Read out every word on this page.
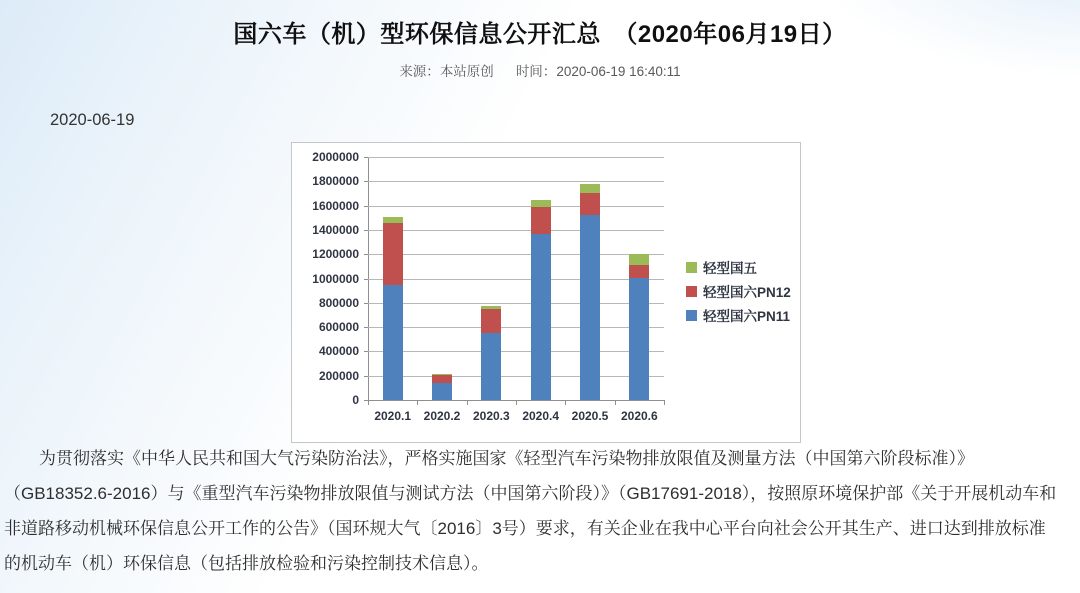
国六车（机）型环保信息公开汇总　（2020年06月19日）
来源：本站原创 时间：2020-06-19 16:40:11
2020-06-19
轻型国五
轻型国六PN12
轻型国六PN11
0
200000
400000
600000
800000
1000000
1200000
1400000
1600000
1800000
2000000
2020.1	2020.2	2020.3	2020.4	2020.5	2020.6

为贯彻落实《中华人民共和国大气污染防治法》，严格实施国家《轻型汽车污染物排放限值及测量方法（中国第六阶段标准）》（GB18352.6-2016）与《重型汽车污染物排放限值与测试方法（中国第六阶段）》（GB17691-2018），按照原环境保护部《关于开展机动车和非道路移动机械环保信息公开工作的公告》（国环规大气〔2016〕3号）要求，有关企业在我中心平台向社会公开其生产、进口达到排放标准的机动车（机）环保信息（包括排放检验和污染控制技术信息）。
